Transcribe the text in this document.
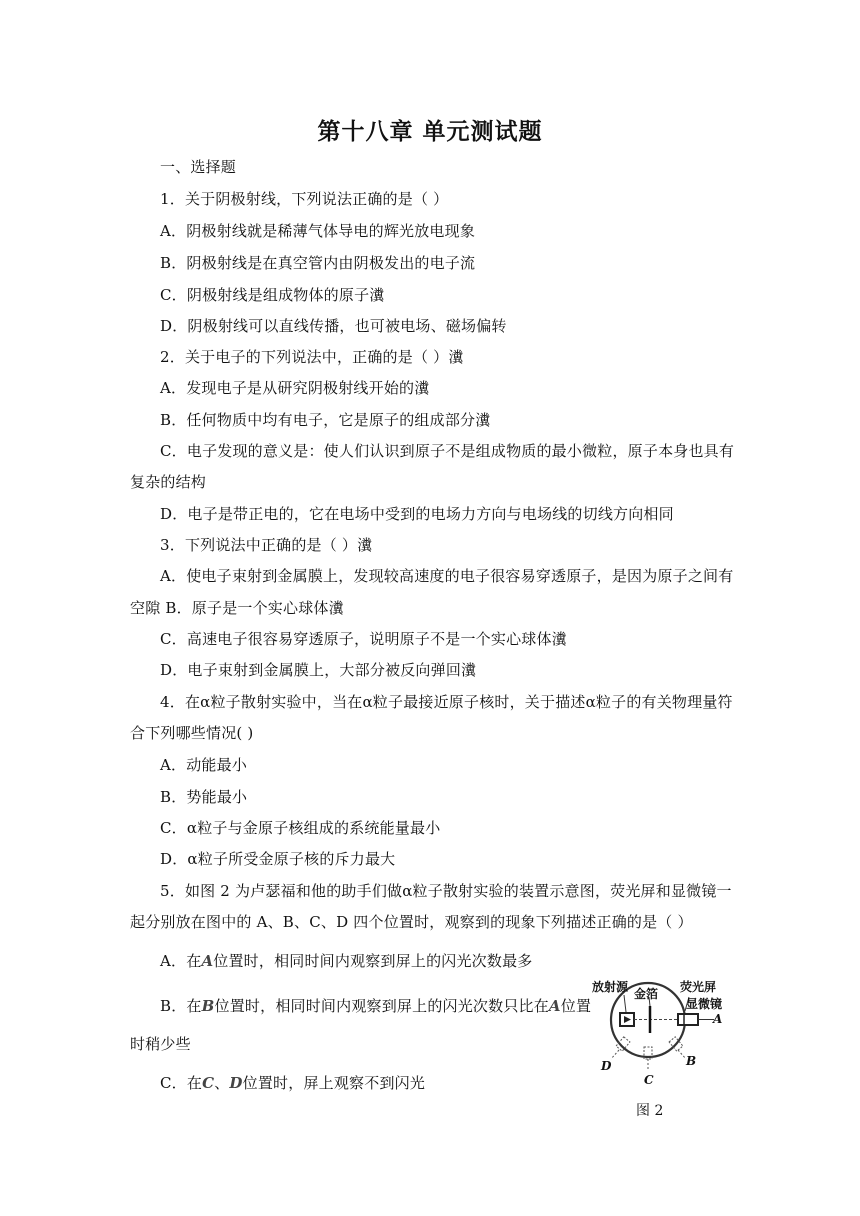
第十八章 单元测试题
一、选择题
1．关于阴极射线，下列说法正确的是（ ）
A．阴极射线就是稀薄气体导电的辉光放电现象
B．阴极射线是在真空管内由阴极发出的电子流
C．阴极射线是组成物体的原子瀵
D．阴极射线可以直线传播，也可被电场、磁场偏转
2．关于电子的下列说法中，正确的是（ ）瀵
A．发现电子是从研究阴极射线开始的瀵
B．任何物质中均有电子，它是原子的组成部分瀵
C．电子发现的意义是：使人们认识到原子不是组成物质的最小微粒，原子本身也具有
复杂的结构
D．电子是带正电的，它在电场中受到的电场力方向与电场线的切线方向相同
3．下列说法中正确的是（ ）瀵
A．使电子束射到金属膜上，发现较高速度的电子很容易穿透原子，是因为原子之间有
空隙 B．原子是一个实心球体瀵
C．高速电子很容易穿透原子，说明原子不是一个实心球体瀵
D．电子束射到金属膜上，大部分被反向弹回瀵
4．在α粒子散射实验中，当在α粒子最接近原子核时，关于描述α粒子的有关物理量符
合下列哪些情况( )
A．动能最小
B．势能最小
C．α粒子与金原子核组成的系统能量最小
D．α粒子所受金原子核的斥力最大
5．如图 2 为卢瑟福和他的助手们做α粒子散射实验的装置示意图，荧光屏和显微镜一
起分别放在图中的 A、B、C、D 四个位置时，观察到的现象下列描述正确的是（ ）
A．在A位置时，相同时间内观察到屏上的闪光次数最多
B．在B位置时，相同时间内观察到屏上的闪光次数只比在A位置
时稍少些
C．在C、D位置时，屏上观察不到闪光
放射源 金箔 荧光屏
显微镜
A
B
C
D
图 2
